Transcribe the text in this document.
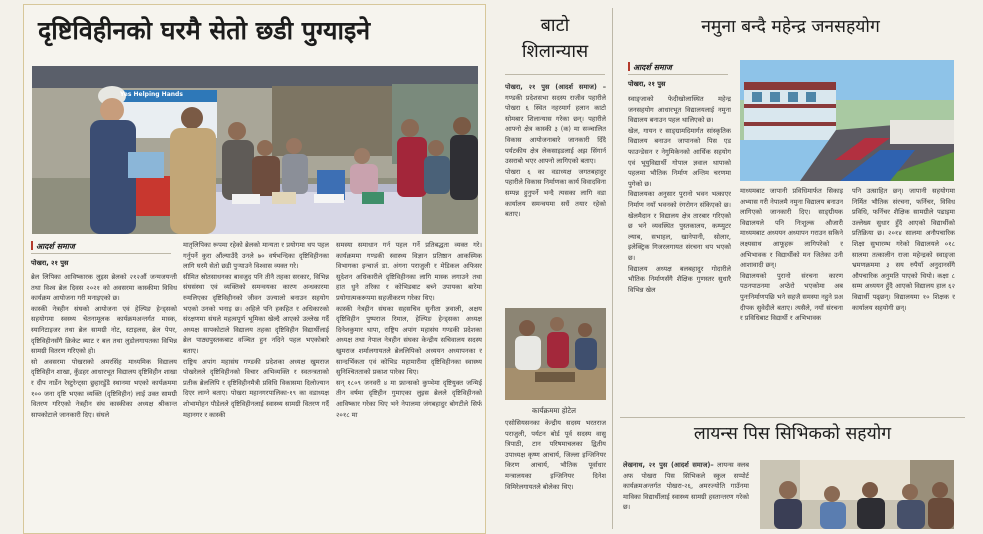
दृष्टिविहीनको घरमै सेतो छडी पुग्याइने
Yes Helping Hands
आदर्श समाज
पोखरा, २१ पुस

ब्रेल लिपिका आविष्कारक लुइस ब्रेलको २१२औं जन्मजयन्ती तथा विश्व ब्रेल दिवस २०२१ को अवसरमा कास्कीमा विविध कार्यक्रम आयोजना गरी मनाइएको छ।

कास्की नेत्रहीन संघको आयोजना एवं हेल्पिङ हेन्ड्सको सहयोगमा स्वस्थ्य चेतनामूलक कार्यक्रमअन्तर्गत मास्क, स्यानिटाइजर तथा ब्रेल सामग्री नोट, स्टाइलस, ब्रेल पेपर, दृष्टिविहीनसँगै क्रिकेट ब्याट र बल तथा लुडोलगायतका विभिन्न सामग्री वितरण गरिएको हो।

सो अवसरमा पोखराको अमरसिंह माध्यमिक विद्यालय दृष्टिविहीन शाखा, कुँडहर आधारभूत विद्यालय दृष्टिविहीन शाखा र दीप नार्डेन रेस्टुरेन्ट्सा छुहारडुँडै स्थानमा भएको कार्यक्रममा १०० जना दृष्टि भएका व्यक्ति (दृष्टिविहीन) लाई उक्त सामग्री वितरण गरिएको नेत्रहीन संघ कास्कीका अध्यक्ष श्रीकान्त सापकोटाले जानकारी दिए। संघले

मातृलिपिका रूपमा रहेको ब्रेलको मान्यता र प्रयोगमा थप पहल गर्नुपर्ने कुरा औंल्याउँदै उनले ७० वर्षभन्दिका दृष्टिविहीनका लागि घरमै सेतो छडी पुऱ्याउने विश्वास व्यक्त गरे।

सीमित स्रोतसाधनका बावजुद पनि तीनै तहका सरकार, विभिन्न संघसंस्था एवं व्यक्तिको समन्वयका कारण अन्धकारमा रुमलिएका दृष्टिविहीनको जीवन उज्यालो बनाउन सहयोग भएको उनको भनाइ छ। अहिले पनि हकहित र अधिकारको संरक्षणमा संघले महत्वपूर्ण भूमिका खेल्दै आएको उल्लेख गर्दै अध्यक्ष सापकोटाले विद्यालय तहका दृष्टिविहीन विद्यार्थीलाई ब्रेल पाठ्यपुस्तकबाट वञ्चित हुन नदिने पहल भएकोबारे बताए।

राष्ट्रिय अपांग महासंघ गण्डकी प्रदेशका अध्यक्ष खुमराज पोखरेलले दृष्टिविहीनको विचार अभिव्यक्ति र स्वतन्त्रताको प्रतीक ब्रेललिपि र दृष्टिविहीनमैत्री प्रविधि विकासमा दिलोज्यान दिएर लाग्ने बताए। पोखरा महानगरपालिका-१९ का वडाध्यक्ष शोभामोहन पौडेलले दृष्टिविहीनलाई स्वास्थ्य सामग्री वितरण गर्दै महानगर र कास्की

समस्या समाधान गर्न पहल गर्ने प्रतिबद्धता व्यक्त गरे। कार्यक्रममा गण्डकी स्वास्थ्य विज्ञान प्रतिष्ठान आकस्मिक विभागका इन्चार्ज डा. अंगना पराजुली र मेडिकल अफिसर सुदेशन अधिकारीले दृष्टिविहीनका लागि मास्क लगाउने तथा हात धुने तरिका र कोभिडबाट बच्ने उपायका बारेमा प्रयोगात्मकरूपमा सहजीकरण गरेका थिए।

कास्की नेत्रहीन संघका सहसचिव सुनीता ज्ञवाली, अक्षय दृष्टिविहीन पुष्पराज रिमाल, हेल्पिङ हेन्ड्सका अध्यक्ष दिनेशकुमार थापा, राष्ट्रिय अपांग महासंघ गण्डकी प्रदेशका अध्यक्ष तथा नेपाल नेत्रहीन संघका केन्द्रीय सचिवालय सदस्य खुमराज शर्मालगायतले ब्रेललिपिको अध्ययन अध्यापनका र सान्दर्भिकता एवं कोभिड महामारीमा दृष्टिविहीनका स्वास्थ्य सुनिश्चितताको प्रकाश पारेका थिए।

सन् १८०९ जनवरी ४ मा फ्रान्सको कुप्भेमा दृष्टियुक्त जन्मिई तीन वर्षमा दृष्टिहीन गुमाएका लुइस ब्रेलले दृष्टिविहीनको आविष्कार गरेका थिए भने नेपालमा जंगबहादुर बोगटीले सिर्फ २०१८ मा

बाटो
शिलान्यास

पोखरा, २१ पुस (आदर्श समाज) – गण्डकी प्रदेशसभा सदस्य राजीव पहारीले पोखरा ६ स्थित नहरमार्ग हलान काटो सोमबार शिलान्यास गरेका छन्। पहारीले आफ्नो क्षेत्र कास्की ३ (क) मा सञ्चालित विकास आयोजनाबारे जानकारी दिँदै पर्यटकीय क्षेत्र लेकसाइडलाई अझ सिंगार्न उसराबो भएर आफ्नो लागिएको बताए।

पोखरा ६ का वडाध्यक्ष जगतबहादुर पहारीले विकास निर्माणका कार्य विवादविना सम्पन्न हुनुपर्ने भन्दै त्यसका लागि वडा कार्यालय समन्वयमा सधैं तयार रहेको बताए।

कार्यक्रममा होटेल
एसोसियसनका केन्द्रीय सदस्य भरतराज पराजुली, पर्यटन बोर्ड पूर्व सदस्य वासु त्रिपाठी, टान परिषमाचलका द्वितीय उपाध्यक्ष कृष्ण आचार्य, जिल्ला इन्जिनियर किरण आचार्य, भौतिक पूर्वाधार मन्त्रालयका इन्जिनियर दिनेश विमिरेलगायतले बोलेका थिए।
नमुना बन्दै महेन्द्र जनसहयोग
आदर्श समाज
पोखरा, २१ पुस

स्वाङ्जाको फेदीखोलास्थित महेन्द्र जनसहयोग आधारभूत विद्यालयलाई नमुना विद्यालय बनाउन पहल थालिएको छ।

खेल, गायन र साङ्ग्रामदिमार्गत सांस्कृतिक विद्यालय बनाउन जापानको पिस एड फाउन्डेसन र नेगुमिकेनको आर्थिक सहयोग एवं भूयुविद्यार्थी गोपाल ज्ञवाल थापाको पहलमा भौतिक निर्माण अन्तिम चरणमा पुगेको छ।

विद्यालयका अनुसार पुरानो भवन भत्काएर निर्माण नयाँ भवनको रंगरोगन संकिएको छ। खेलमैदान र विद्यालय क्षेत्र तारबार गरिएको छ भने व्यवस्थित पुस्तकालय, कम्प्युटर ल्याब, सभाहल, खानेपानी, सोलार, इलेक्ट्रिक गिजरलगायत संरचना थप भएको छ।

विद्यालय अध्यक्ष बलबहादुर गोदारीले भौतिक निर्माणसँगै शैक्षिक गुणस्तर सुधारै विभिन्न खेल

माध्यमबाट जापानी प्रविधिमार्फत सिकाइ अभ्यास गरी नेपालमै नमुना विद्यालय बनाउन लागिएको जानकारी दिए। साङ्ग्रीयक विद्यालयले पनि निःशुल्क औजारी माध्यमबाट अध्ययन अध्यापन गराउन सकिने लक्ष्यसाथ आफूहरू लागिपरेको र अभिभावक र विद्यार्थीको मन जितेका उनी आशावादी छन्।

विद्यालयको पुरानो संरचना कारण पठनपाठनमा अप्ठेरो भएकोमा अब पुनःनिर्माणपछि भने सहजै समस्या नहुने प्रअ दीपक सुवेदीले बताए। त्यसैले, नयाँ संरचना र प्रविधिबाट विद्यार्थी र अभिभावक

पनि उत्साहित छन्। जापानी सहयोगमा निर्मित भौतिक संरचना, फर्निचर, विविध प्रविधि, फर्निचर शैक्षिक सामग्रीले पढाइमा उल्लेख्य सुधार हुँदै आएको विद्यार्थीको प्रतिक्रिया छ। २०१४ सालमा अनौपचारिक शिक्षा सुभारम्भ गरेको विद्यालयले ०१८ सालमा तत्कालीन राजा महेन्द्रको स्वाङ्जा भ्रमणक्रममा ३ सय रुपैयाँ अनुदानसँगै औपचारिक अनुमति पाएको थियो। कक्षा ८ सम्म अध्ययन हुँदै आएको विद्यालय हाल ६२ विद्यार्थी पढ्छन्। विद्यालयमा १० शिक्षक र कार्यालय सहयोगी छन्।
लायन्स पिस सिभिकको सहयोग

लेखनाथ, २१ पुस (आदर्श समाज)– लायन्स क्लब अफ पोखरा पिस सिभिकले स्कुल सप्पोर्ट कार्यक्रमअन्तर्गत पोखरा-२६, अमरज्योति गाउँनमा माविका विद्यार्थीलाई स्वास्थ्य सामग्री हस्तान्तरण गरेको छ।
